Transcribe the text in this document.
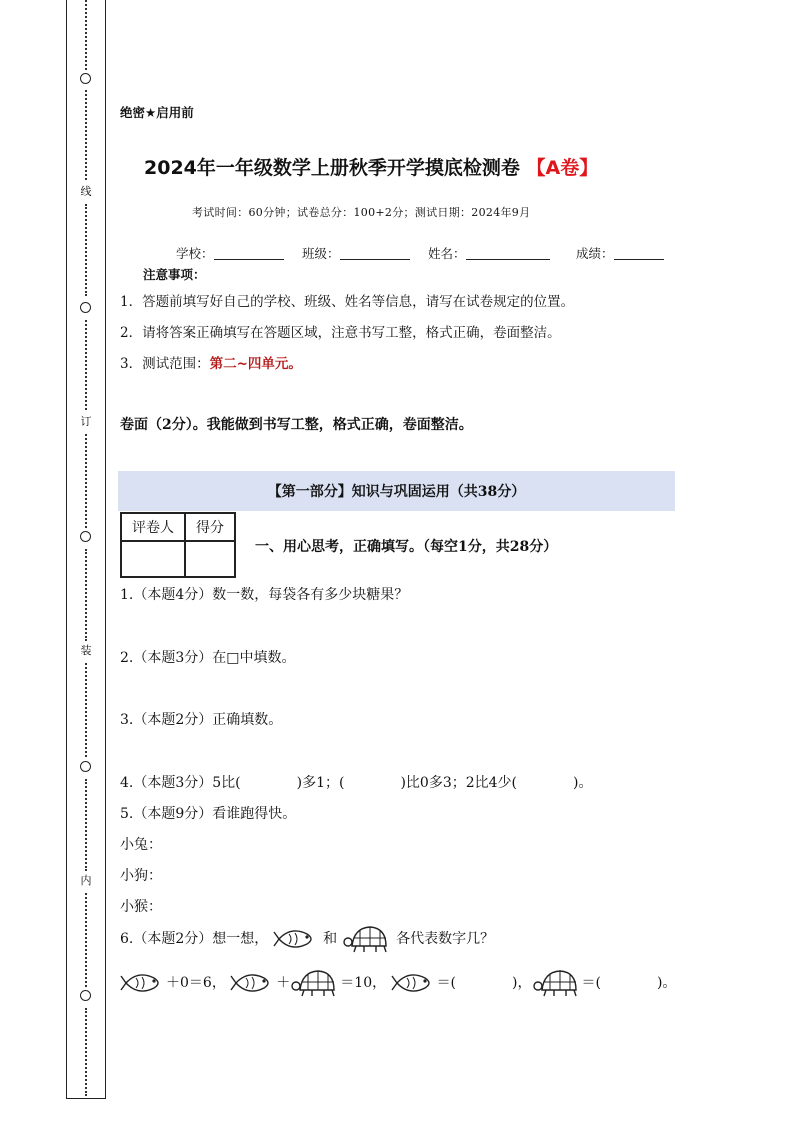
线
订
装
内
绝密★启用前
2024年一年级数学上册秋季开学摸底检测卷 【A卷】
考试时间：60分钟；试卷总分：100+2分；测试日期：2024年9月
学校：	班级：	姓名：	成绩：
注意事项：
1．答题前填写好自己的学校、班级、姓名等信息，请写在试卷规定的位置。
2．请将答案正确填写在答题区域，注意书写工整，格式正确，卷面整洁。
3．测试范围：第二~四单元。
卷面（2分）。我能做到书写工整，格式正确，卷面整洁。
【第一部分】知识与巩固运用（共38分）
评卷人	得分

一、用心思考，正确填写。（每空1分，共28分）
1.（本题4分）数一数，每袋各有多少块糖果？
2.（本题3分）在□中填数。
3.（本题2分）正确填数。
4.（本题3分）5比(　　　　)多1；(　　　　)比0多3；2比4少(　　　　)。
5.（本题9分）看谁跑得快。
小兔：
小狗：
小猴：
6.（本题2分）想一想，	和	各代表数字几？
＋0＝6，	＋	＝10，	＝(　　　　)，	＝(　　　　)。
